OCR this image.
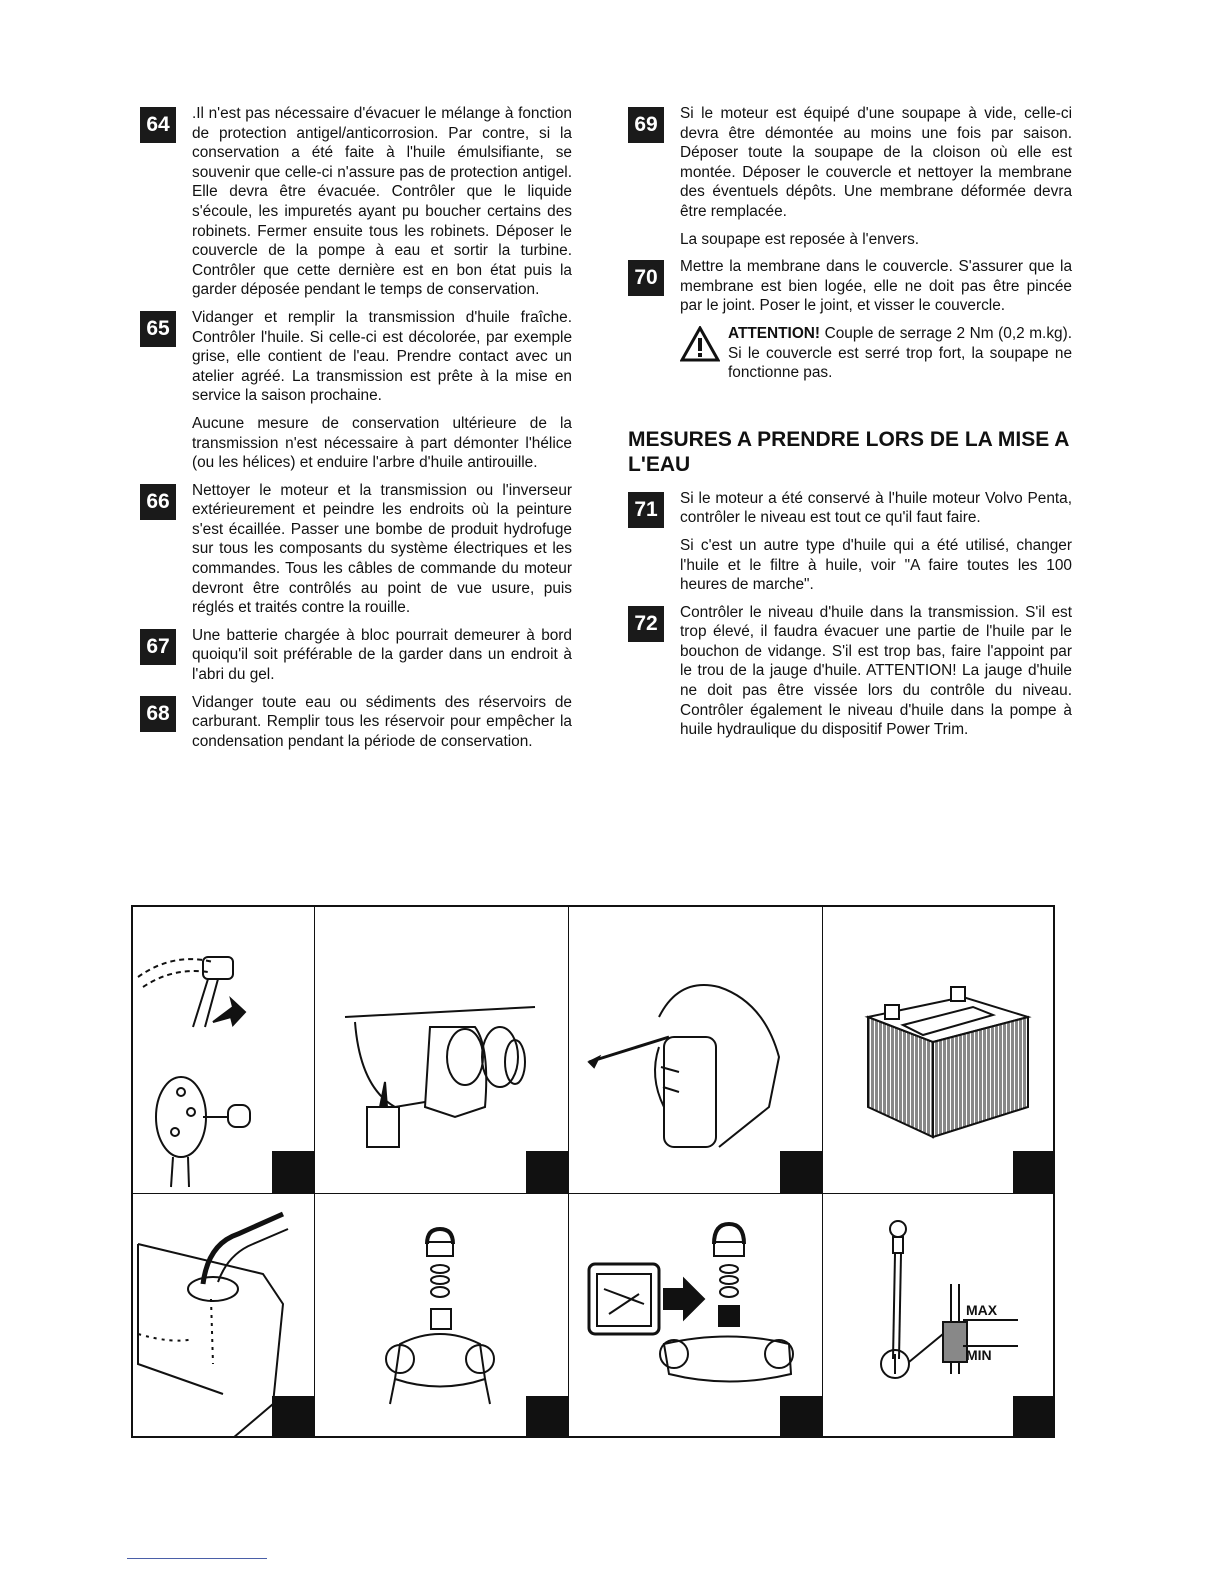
64	.Il n'est pas nécessaire d'évacuer le mélange à fonction de protection antigel/anticorrosion. Par contre, si la conservation a été faite à l'huile émulsifiante, se souvenir que celle-ci n'assure pas de protection antigel. Elle devra être évacuée. Contrôler que le liquide s'écoule, les impuretés ayant pu boucher certains des robinets. Fermer ensuite tous les robinets. Déposer le couvercle de la pompe à eau et sortir la turbine. Contrôler que cette dernière est en bon état puis la garder déposée pendant le temps de conservation.

65	Vidanger et remplir la transmission d'huile fraîche. Contrôler l'huile. Si celle-ci est décolorée, par exemple grise, elle contient de l'eau. Prendre contact avec un atelier agréé. La transmission est prête à la mise en service la saison prochaine.

Aucune mesure de conservation ultérieure de la transmission n'est nécessaire à part démonter l'hélice (ou les hélices) et enduire l'arbre d'huile antirouille.

66	Nettoyer le moteur et la transmission ou l'inverseur extérieurement et peindre les endroits où la peinture s'est écaillée. Passer une bombe de produit hydrofuge sur tous les composants du système électriques et les commandes. Tous les câbles de commande du moteur devront être contrôlés au point de vue usure, puis réglés et traités contre la rouille.

67	Une batterie chargée à bloc pourrait demeurer à bord quoiqu'il soit préférable de la garder dans un endroit à l'abri du gel.

68	Vidanger toute eau ou sédiments des réservoirs de carburant. Remplir tous les réservoir pour empêcher la condensation pendant la période de conservation.

69	Si le moteur est équipé d'une soupape à vide, celle-ci devra être démontée au moins une fois par saison. Déposer toute la soupape de la cloison où elle est montée. Déposer le couvercle et nettoyer la membrane des éventuels dépôts. Une membrane déformée devra être remplacée.

La soupape est reposée à l'envers.

70	Mettre la membrane dans le couvercle. S'assurer que la membrane est bien logée, elle ne doit pas être pincée par le joint. Poser le joint, et visser le couvercle.

ATTENTION! Couple de serrage 2 Nm (0,2 m.kg). Si le couvercle est serré trop fort, la soupape ne fonctionne pas.

MESURES A PRENDRE LORS DE LA MISE A L'EAU
71	Si le moteur a été conservé à l'huile moteur Volvo Penta, contrôler le niveau est tout ce qu'il faut faire.

Si c'est un autre type d'huile qui a été utilisé, changer l'huile et le filtre à huile, voir "A faire toutes les 100 heures de marche".

72	Contrôler le niveau d'huile dans la transmission. S'il est trop élevé, il faudra évacuer une partie de l'huile par le bouchon de vidange. S'il est trop bas, faire l'appoint par le trou de la jauge d'huile. ATTENTION! La jauge d'huile ne doit pas être vissée lors du contrôle du niveau. Contrôler également le niveau d'huile dans la pompe à huile hydraulique du dispositif Power Trim.

MAX
MIN
